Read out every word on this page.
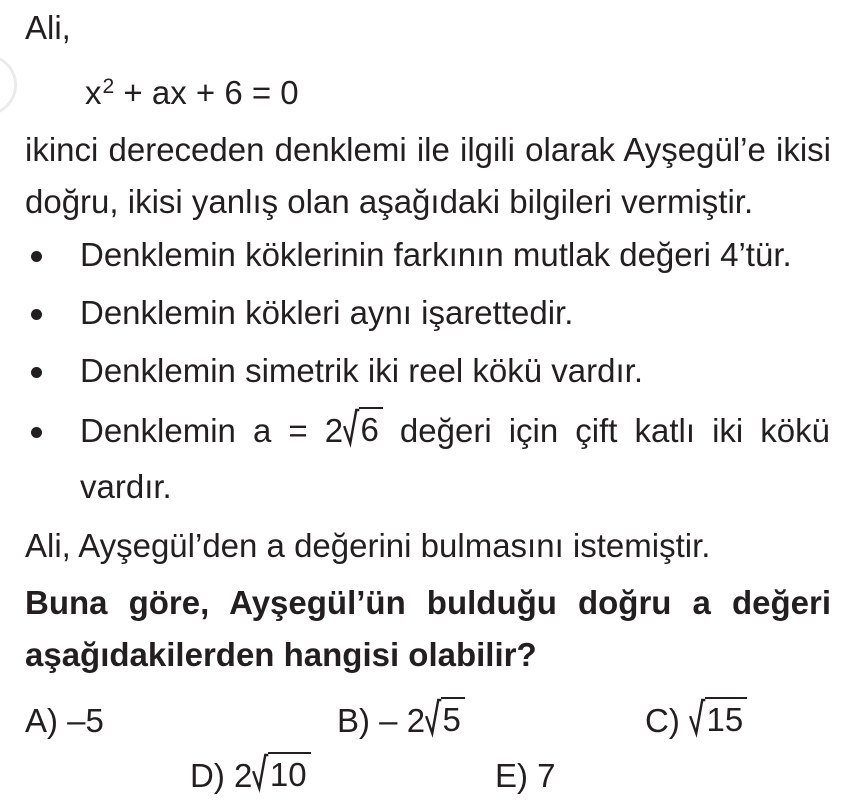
Ali,
$x^2$ + ax + 6 = 0
ikinci dereceden denklemi ile ilgili olarak Ayşegül’e ikisi
doğru, ikisi yanlış olan aşağıdaki bilgileri vermiştir.
Denklemin köklerinin farkının mutlak değeri 4’tür.
Denklemin kökleri aynı işarettedir.
Denklemin simetrik iki reel kökü vardır.
Denklemin a = 2 6 değeri için çift katlı iki kökü
vardır.
Ali, Ayşegül’den a değerini bulmasını istemiştir.
Buna göre, Ayşegül’ün bulduğu doğru a değeri
aşağıdakilerden hangisi olabilir?
A) –5	B) – 2 5	C) 15
D) 2 10	E) 7
